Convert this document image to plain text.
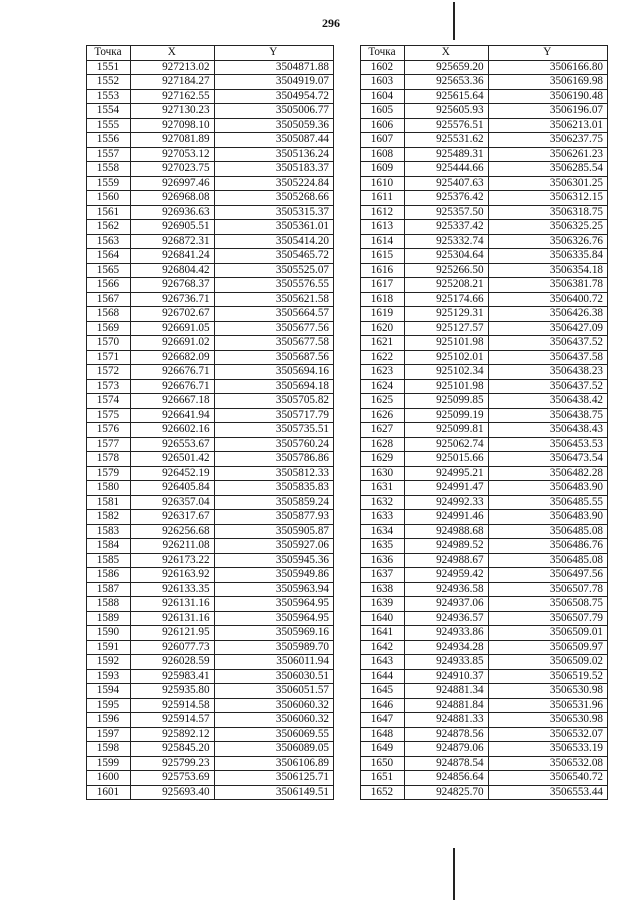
296
Точка	X	Y
1551	927213.02	3504871.88
1552	927184.27	3504919.07
1553	927162.55	3504954.72
1554	927130.23	3505006.77
1555	927098.10	3505059.36
1556	927081.89	3505087.44
1557	927053.12	3505136.24
1558	927023.75	3505183.37
1559	926997.46	3505224.84
1560	926968.08	3505268.66
1561	926936.63	3505315.37
1562	926905.51	3505361.01
1563	926872.31	3505414.20
1564	926841.24	3505465.72
1565	926804.42	3505525.07
1566	926768.37	3505576.55
1567	926736.71	3505621.58
1568	926702.67	3505664.57
1569	926691.05	3505677.56
1570	926691.02	3505677.58
1571	926682.09	3505687.56
1572	926676.71	3505694.16
1573	926676.71	3505694.18
1574	926667.18	3505705.82
1575	926641.94	3505717.79
1576	926602.16	3505735.51
1577	926553.67	3505760.24
1578	926501.42	3505786.86
1579	926452.19	3505812.33
1580	926405.84	3505835.83
1581	926357.04	3505859.24
1582	926317.67	3505877.93
1583	926256.68	3505905.87
1584	926211.08	3505927.06
1585	926173.22	3505945.36
1586	926163.92	3505949.86
1587	926133.35	3505963.94
1588	926131.16	3505964.95
1589	926131.16	3505964.95
1590	926121.95	3505969.16
1591	926077.73	3505989.70
1592	926028.59	3506011.94
1593	925983.41	3506030.51
1594	925935.80	3506051.57
1595	925914.58	3506060.32
1596	925914.57	3506060.32
1597	925892.12	3506069.55
1598	925845.20	3506089.05
1599	925799.23	3506106.89
1600	925753.69	3506125.71
1601	925693.40	3506149.51
Точка	X	Y
1602	925659.20	3506166.80
1603	925653.36	3506169.98
1604	925615.64	3506190.48
1605	925605.93	3506196.07
1606	925576.51	3506213.01
1607	925531.62	3506237.75
1608	925489.31	3506261.23
1609	925444.66	3506285.54
1610	925407.63	3506301.25
1611	925376.42	3506312.15
1612	925357.50	3506318.75
1613	925337.42	3506325.25
1614	925332.74	3506326.76
1615	925304.64	3506335.84
1616	925266.50	3506354.18
1617	925208.21	3506381.78
1618	925174.66	3506400.72
1619	925129.31	3506426.38
1620	925127.57	3506427.09
1621	925101.98	3506437.52
1622	925102.01	3506437.58
1623	925102.34	3506438.23
1624	925101.98	3506437.52
1625	925099.85	3506438.42
1626	925099.19	3506438.75
1627	925099.81	3506438.43
1628	925062.74	3506453.53
1629	925015.66	3506473.54
1630	924995.21	3506482.28
1631	924991.47	3506483.90
1632	924992.33	3506485.55
1633	924991.46	3506483.90
1634	924988.68	3506485.08
1635	924989.52	3506486.76
1636	924988.67	3506485.08
1637	924959.42	3506497.56
1638	924936.58	3506507.78
1639	924937.06	3506508.75
1640	924936.57	3506507.79
1641	924933.86	3506509.01
1642	924934.28	3506509.97
1643	924933.85	3506509.02
1644	924910.37	3506519.52
1645	924881.34	3506530.98
1646	924881.84	3506531.96
1647	924881.33	3506530.98
1648	924878.56	3506532.07
1649	924879.06	3506533.19
1650	924878.54	3506532.08
1651	924856.64	3506540.72
1652	924825.70	3506553.44
